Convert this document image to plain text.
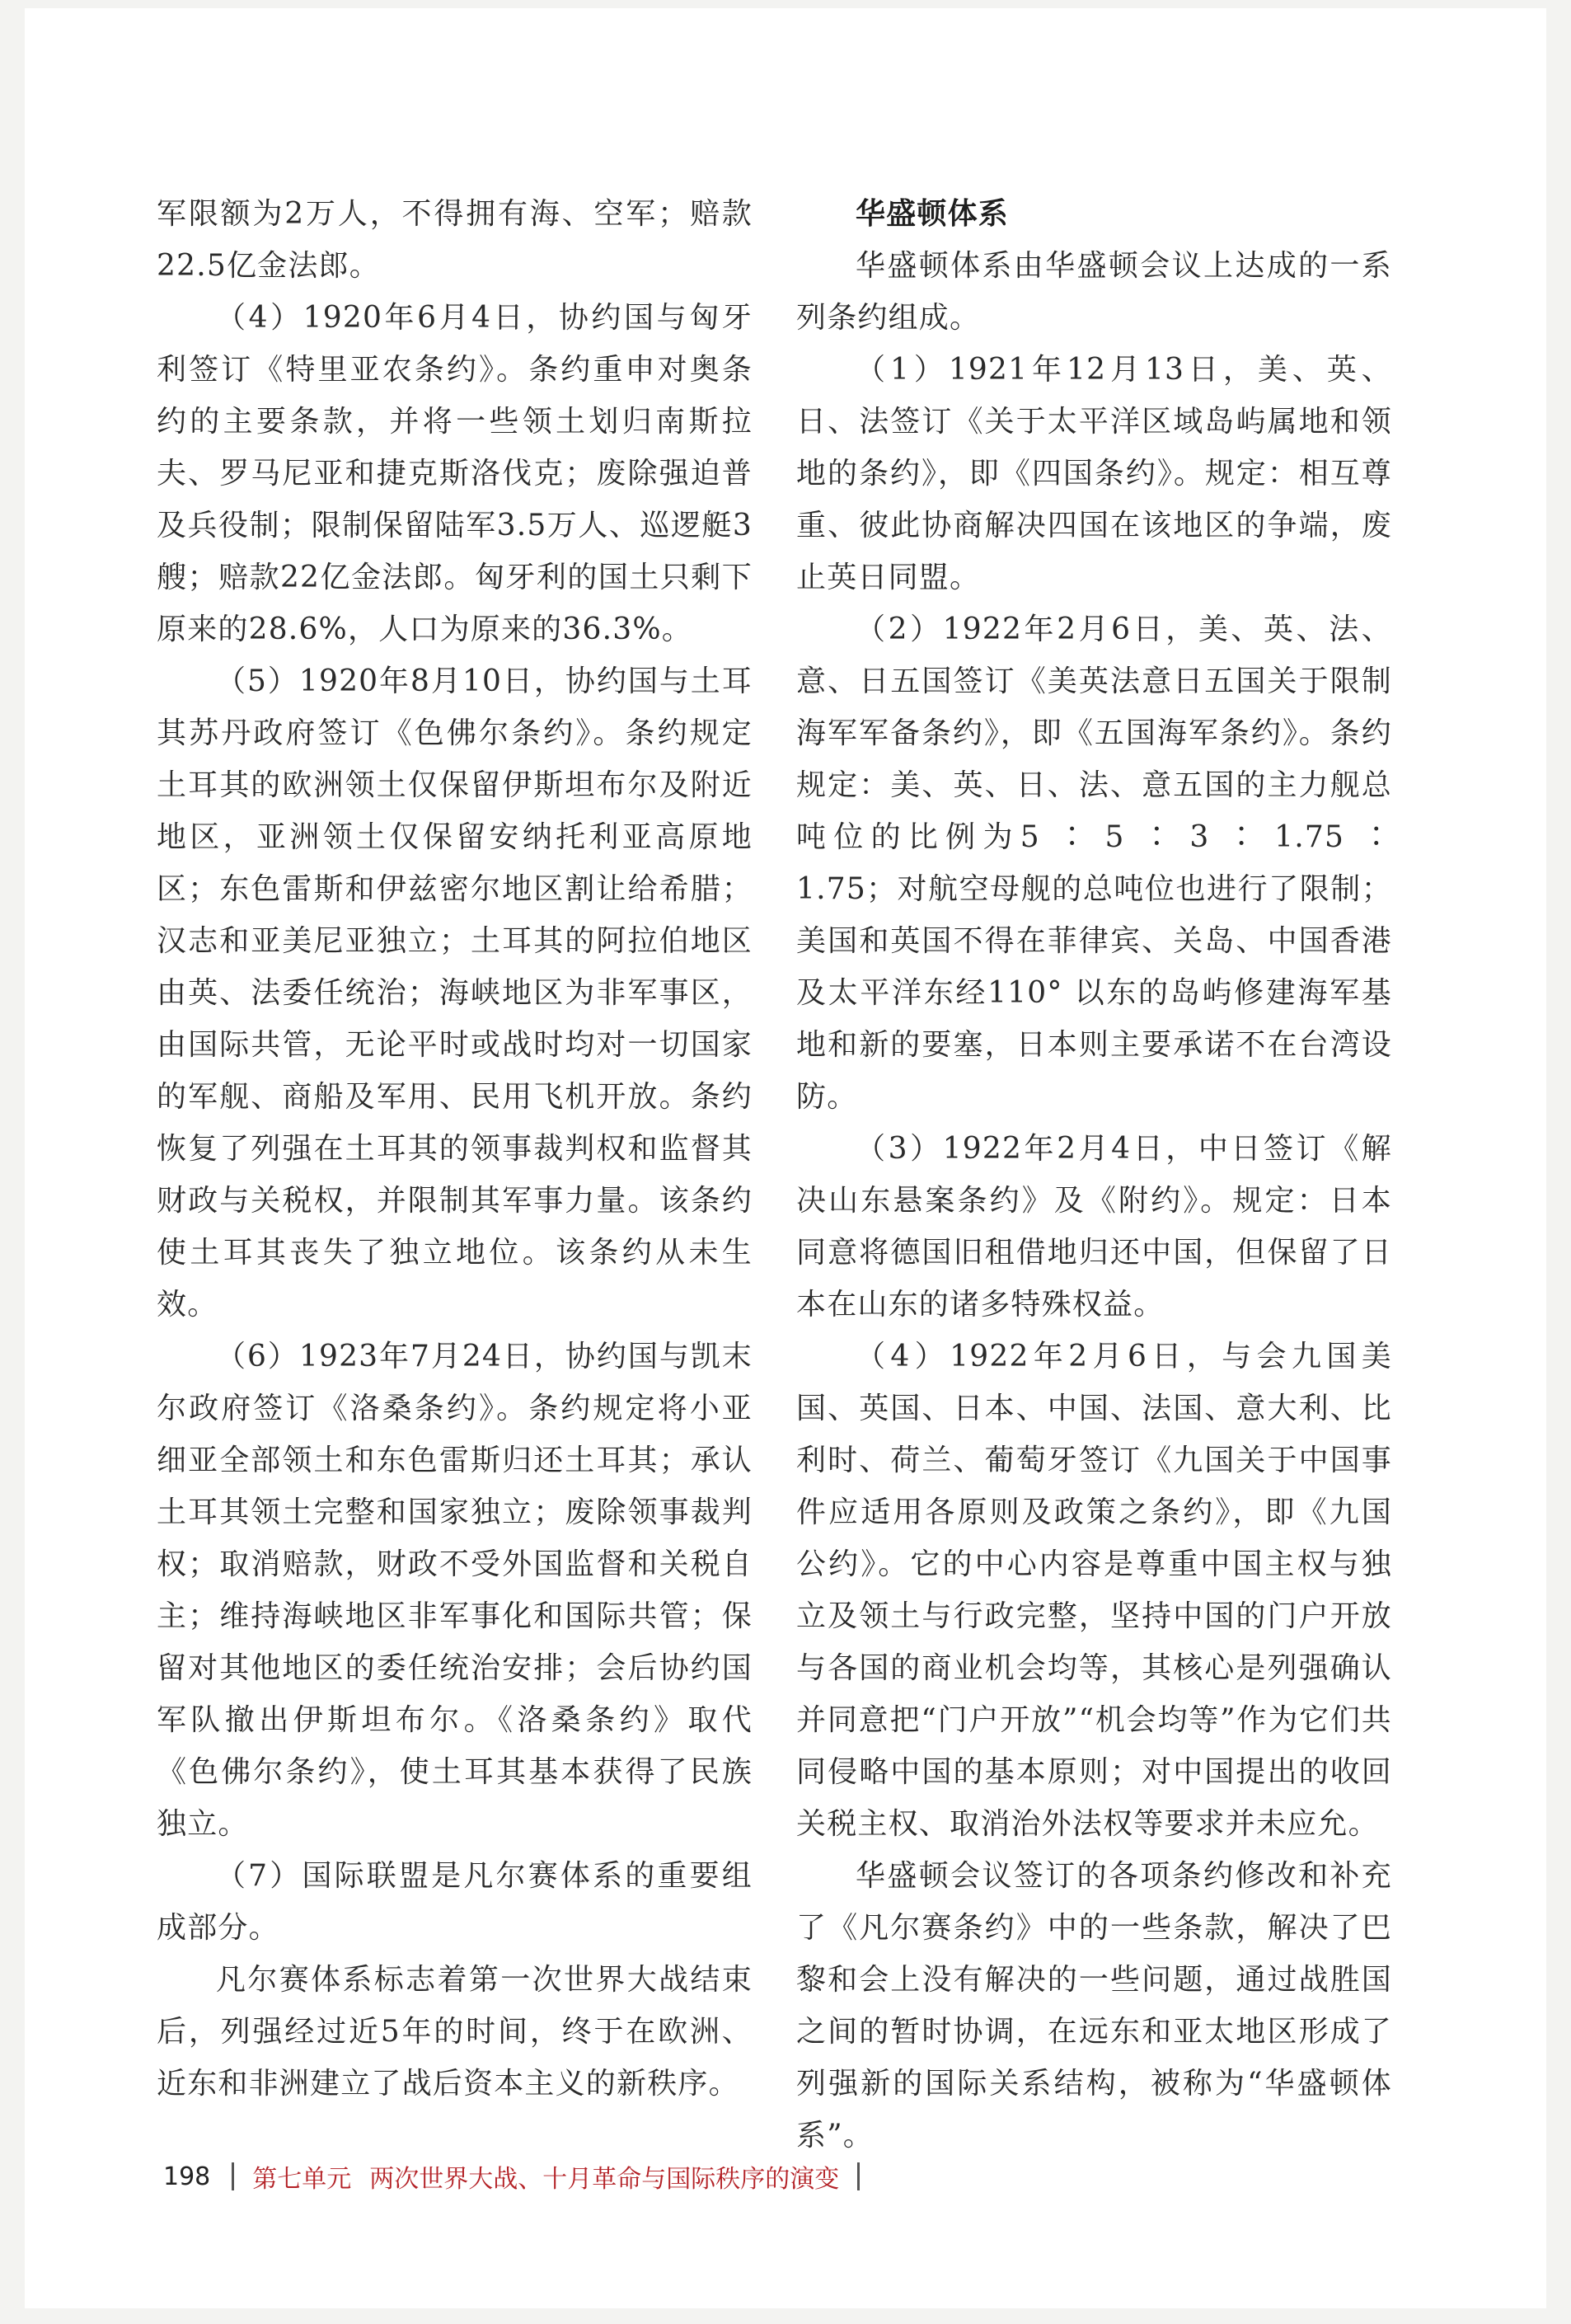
军限额为2万人，不得拥有海、空军；赔款22.5亿金法郎。

（4）1920年6月4日，协约国与匈牙利签订《特里亚农条约》。条约重申对奥条约的主要条款，并将一些领土划归南斯拉夫、罗马尼亚和捷克斯洛伐克；废除强迫普及兵役制；限制保留陆军3.5万人、巡逻艇3艘；赔款22亿金法郎。匈牙利的国土只剩下原来的28.6%，人口为原来的36.3%。

（5）1920年8月10日，协约国与土耳其苏丹政府签订《色佛尔条约》。条约规定土耳其的欧洲领土仅保留伊斯坦布尔及附近地区，亚洲领土仅保留安纳托利亚高原地区；东色雷斯和伊兹密尔地区割让给希腊；汉志和亚美尼亚独立；土耳其的阿拉伯地区由英、法委任统治；海峡地区为非军事区，由国际共管，无论平时或战时均对一切国家的军舰、商船及军用、民用飞机开放。条约恢复了列强在土耳其的领事裁判权和监督其财政与关税权，并限制其军事力量。该条约使土耳其丧失了独立地位。该条约从未生效。

（6）1923年7月24日，协约国与凯末尔政府签订《洛桑条约》。条约规定将小亚细亚全部领土和东色雷斯归还土耳其；承认土耳其领土完整和国家独立；废除领事裁判权；取消赔款，财政不受外国监督和关税自主；维持海峡地区非军事化和国际共管；保留对其他地区的委任统治安排；会后协约国军队撤出伊斯坦布尔。《洛桑条约》取代《色佛尔条约》，使土耳其基本获得了民族独立。

（7）国际联盟是凡尔赛体系的重要组成部分。

凡尔赛体系标志着第一次世界大战结束后，列强经过近5年的时间，终于在欧洲、近东和非洲建立了战后资本主义的新秩序。

华盛顿体系

华盛顿体系由华盛顿会议上达成的一系列条约组成。

（1）1921年12月13日，美、英、日、法签订《关于太平洋区域岛屿属地和领地的条约》，即《四国条约》。规定：相互尊重、彼此协商解决四国在该地区的争端，废止英日同盟。

（2）1922年2月6日，美、英、法、意、日五国签订《美英法意日五国关于限制海军军备条约》，即《五国海军条约》。条约规定：美、英、日、法、意五国的主力舰总吨位的比例为5 ∶ 5 ∶ 3 ∶ 1.75 ∶ 1.75；对航空母舰的总吨位也进行了限制；美国和英国不得在菲律宾、关岛、中国香港及太平洋东经110° 以东的岛屿修建海军基地和新的要塞，日本则主要承诺不在台湾设防。

（3）1922年2月4日，中日签订《解决山东悬案条约》及《附约》。规定：日本同意将德国旧租借地归还中国，但保留了日本在山东的诸多特殊权益。

（4）1922年2月6日，与会九国美国、英国、日本、中国、法国、意大利、比利时、荷兰、葡萄牙签订《九国关于中国事件应适用各原则及政策之条约》，即《九国公约》。它的中心内容是尊重中国主权与独立及领土与行政完整，坚持中国的门户开放与各国的商业机会均等，其核心是列强确认并同意把“门户开放”“机会均等”作为它们共同侵略中国的基本原则；对中国提出的收回关税主权、取消治外法权等要求并未应允。

华盛顿会议签订的各项条约修改和补充了《凡尔赛条约》中的一些条款，解决了巴黎和会上没有解决的一些问题，通过战胜国之间的暂时协调，在远东和亚太地区形成了列强新的国际关系结构，被称为“华盛顿体系”。

198 第七单元 两次世界大战、十月革命与国际秩序的演变
